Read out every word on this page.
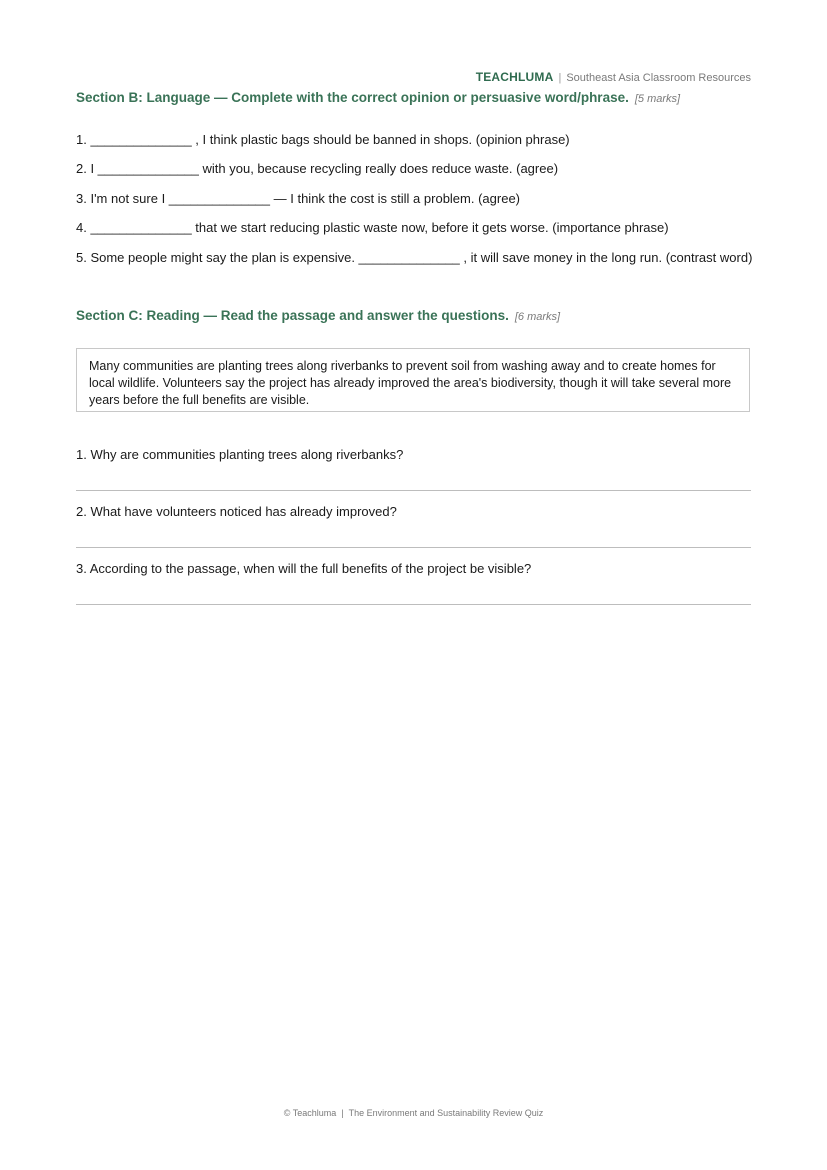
TEACHLUMA | Southeast Asia Classroom Resources
Section B: Language — Complete with the correct opinion or persuasive word/phrase. [5 marks]
1. ______________ , I think plastic bags should be banned in shops. (opinion phrase)
2. I ______________ with you, because recycling really does reduce waste. (agree)
3. I'm not sure I ______________ — I think the cost is still a problem. (agree)
4. ______________ that we start reducing plastic waste now, before it gets worse. (importance phrase)
5. Some people might say the plan is expensive. ______________ , it will save money in the long run. (contrast word)
Section C: Reading — Read the passage and answer the questions. [6 marks]
Many communities are planting trees along riverbanks to prevent soil from washing away and to create homes for local wildlife. Volunteers say the project has already improved the area's biodiversity, though it will take several more years before the full benefits are visible.
1. Why are communities planting trees along riverbanks?
2. What have volunteers noticed has already improved?
3. According to the passage, when will the full benefits of the project be visible?
© Teachluma | The Environment and Sustainability Review Quiz
